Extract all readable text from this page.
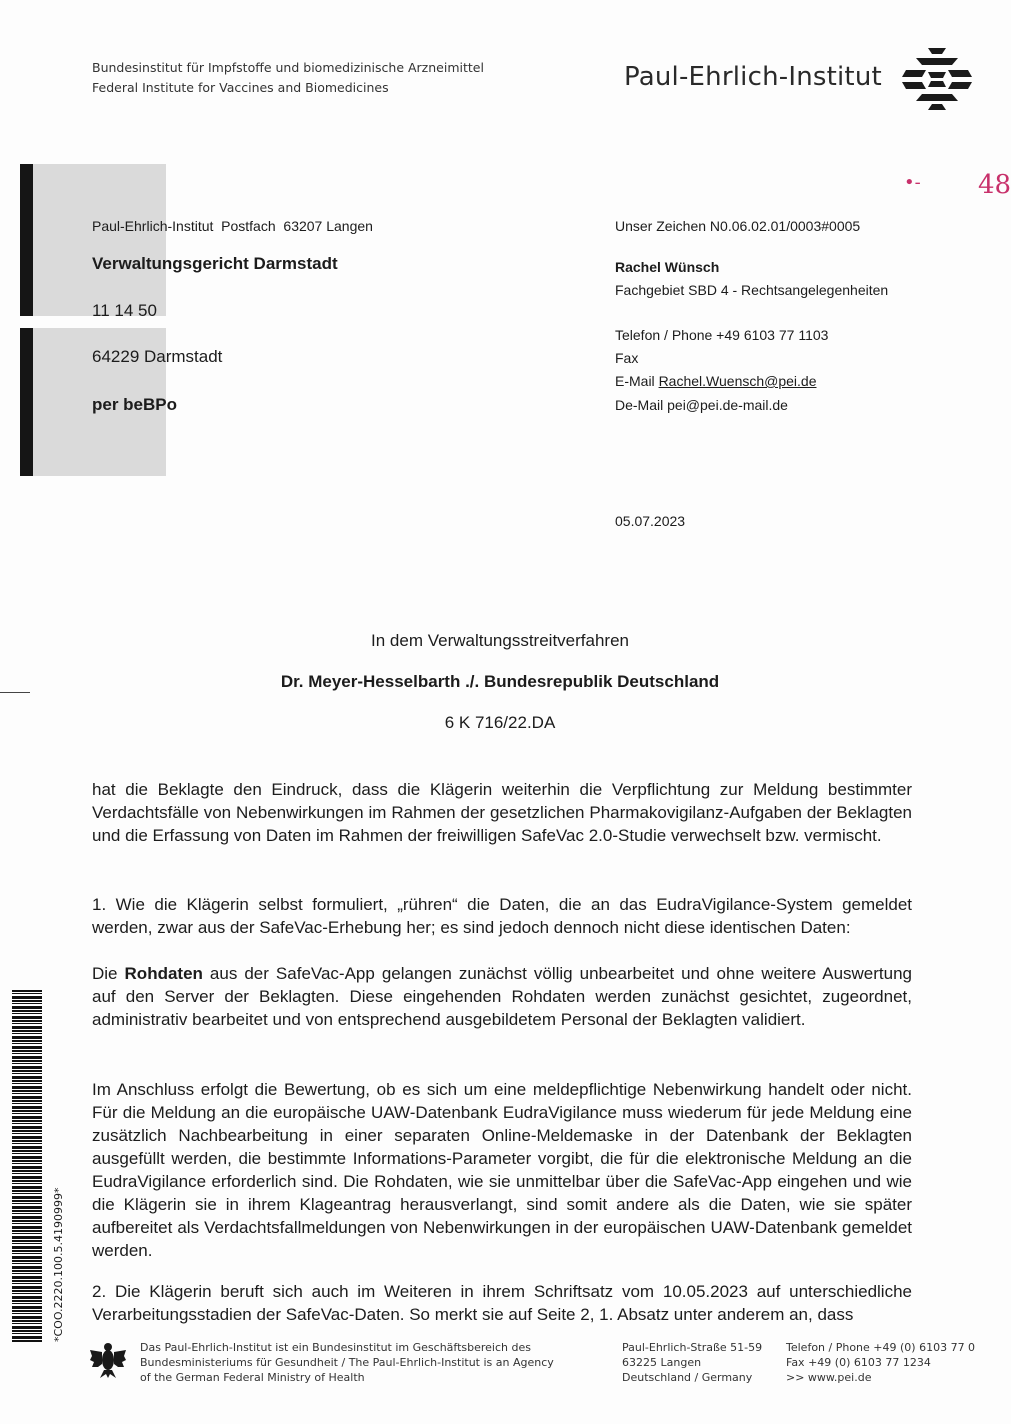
Bundesinstitut für Impfstoffe und biomedizinische Arzneimittel
Federal Institute for Vaccines and Biomedicines	Paul-Ehrlich-Institut
•- 48
Paul-Ehrlich-Institut  Postfach  63207 Langen
Verwaltungsgericht Darmstadt
11 14 50
64229 Darmstadt
per beBPo
Unser Zeichen N0.06.02.01/0003#0005
Rachel Wünsch
Fachgebiet SBD 4 - Rechtsangelegenheiten
Telefon / Phone +49 6103 77 1103
Fax
E-Mail Rachel.Wuensch@pei.de
De-Mail pei@pei.de-mail.de
05.07.2023
In dem Verwaltungsstreitverfahren
Dr. Meyer-Hesselbarth ./. Bundesrepublik Deutschland
6 K 716/22.DA

hat die Beklagte den Eindruck, dass die Klägerin weiterhin die Verpflichtung zur Meldung bestimmter Verdachtsfälle von Nebenwirkungen im Rahmen der gesetzlichen Pharmakovigilanz-Aufgaben der Beklagten und die Erfassung von Daten im Rahmen der freiwilligen SafeVac 2.0-Studie verwechselt bzw. vermischt.

1. Wie die Klägerin selbst formuliert, „rühren“ die Daten, die an das EudraVigilance-System gemeldet werden, zwar aus der SafeVac-Erhebung her; es sind jedoch dennoch nicht diese identischen Daten:

Die Rohdaten aus der SafeVac-App gelangen zunächst völlig unbearbeitet und ohne weitere Auswertung auf den Server der Beklagten. Diese eingehenden Rohdaten werden zunächst gesichtet, zugeordnet, administrativ bearbeitet und von entsprechend ausgebildetem Personal der Beklagten validiert.

Im Anschluss erfolgt die Bewertung, ob es sich um eine meldepflichtige Nebenwirkung handelt oder nicht. Für die Meldung an die europäische UAW-Datenbank EudraVigilance muss wiederum für jede Meldung eine zusätzlich Nachbearbeitung in einer separaten Online-Meldemaske in der Datenbank der Beklagten ausgefüllt werden, die bestimmte Informations-Parameter vorgibt, die für die elektronische Meldung an die EudraVigilance erforderlich sind. Die Rohdaten, wie sie unmittelbar über die SafeVac-App eingehen und wie die Klägerin sie in ihrem Klageantrag herausverlangt, sind somit andere als die Daten, wie sie später aufbereitet als Verdachtsfallmeldungen von Nebenwirkungen in der europäischen UAW-Datenbank gemeldet werden.

2. Die Klägerin beruft sich auch im Weiteren in ihrem Schriftsatz vom 10.05.2023 auf unterschiedliche Verarbeitungsstadien der SafeVac-Daten. So merkt sie auf Seite 2, 1. Absatz unter anderem an, dass

*COO.2220.100.5.4190999*
Das Paul-Ehrlich-Institut ist ein Bundesinstitut im Geschäftsbereich des
Bundesministeriums für Gesundheit / The Paul-Ehrlich-Institut is an Agency
of the German Federal Ministry of Health
Paul-Ehrlich-Straße 51-59
63225 Langen
Deutschland / Germany
Telefon / Phone +49 (0) 6103 77 0
Fax +49 (0) 6103 77 1234
>> www.pei.de
